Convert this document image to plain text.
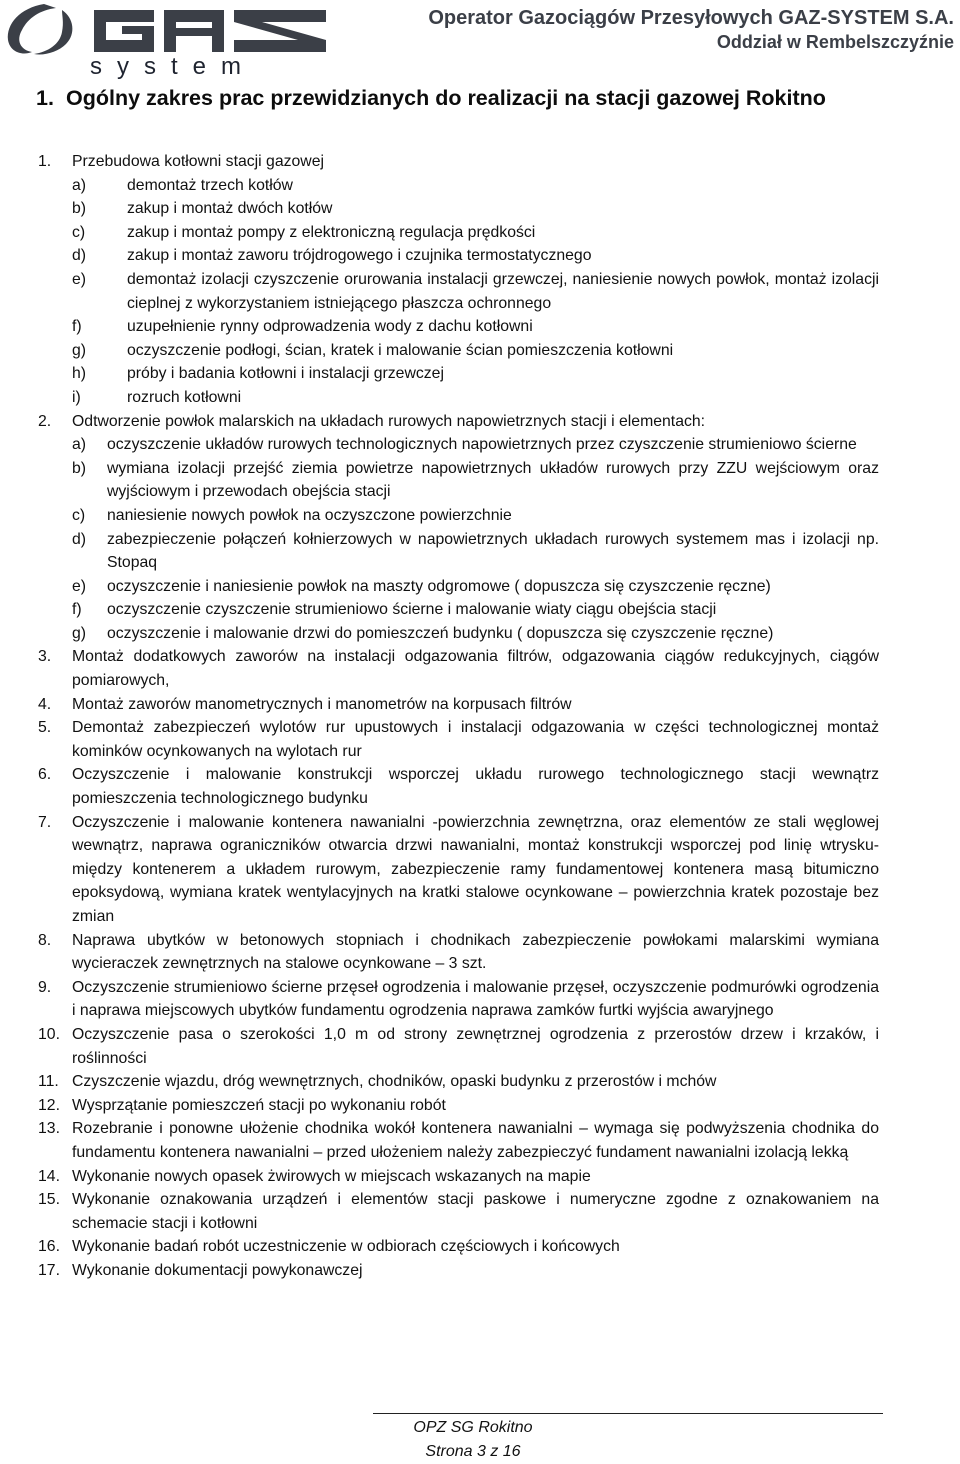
system
Operator Gazociągów Przesyłowych GAZ-SYSTEM S.A.
Oddział w Rembelszczyźnie
1. Ogólny zakres prac przewidzianych do realizacji na stacji gazowej Rokitno
1. Przebudowa kotłowni stacji gazowej
a)	demontaż trzech kotłów
b)	zakup i montaż dwóch kotłów
c)	zakup i montaż pompy z elektroniczną regulacja prędkości
d)	zakup i montaż zaworu trójdrogowego i czujnika termostatycznego
e)	demontaż izolacji czyszczenie orurowania instalacji grzewczej, naniesienie nowych powłok, montaż izolacji cieplnej z wykorzystaniem istniejącego płaszcza ochronnego
f)	uzupełnienie rynny odprowadzenia wody z dachu kotłowni
g)	oczyszczenie podłogi, ścian, kratek i malowanie ścian pomieszczenia kotłowni
h)	próby i badania kotłowni i instalacji grzewczej
i)	rozruch kotłowni
2. Odtworzenie powłok malarskich na układach rurowych napowietrznych stacji i elementach:
a) oczyszczenie układów rurowych technologicznych napowietrznych przez czyszczenie strumieniowo ścierne
b) wymiana izolacji przejść ziemia powietrze napowietrznych układów rurowych przy ZZU wejściowym oraz wyjściowym i przewodach obejścia stacji
c) naniesienie nowych powłok na oczyszczone powierzchnie
d) zabezpieczenie połączeń kołnierzowych w napowietrznych układach rurowych systemem mas i izolacji np. Stopaq
e) oczyszczenie i naniesienie powłok na maszty odgromowe ( dopuszcza się czyszczenie ręczne)
f) oczyszczenie czyszczenie strumieniowo ścierne i malowanie wiaty ciągu obejścia stacji
g) oczyszczenie i malowanie drzwi do pomieszczeń budynku ( dopuszcza się czyszczenie ręczne)
3. Montaż dodatkowych zaworów na instalacji odgazowania filtrów, odgazowania ciągów redukcyjnych, ciągów pomiarowych,
4. Montaż zaworów manometrycznych i manometrów na korpusach filtrów
5. Demontaż zabezpieczeń wylotów rur upustowych i instalacji odgazowania w części technologicznej montaż kominków ocynkowanych na wylotach rur
6. Oczyszczenie i malowanie konstrukcji wsporczej układu rurowego technologicznego stacji wewnątrz pomieszczenia technologicznego budynku
7. Oczyszczenie i malowanie kontenera nawanialni -powierzchnia zewnętrzna, oraz elementów ze stali węglowej wewnątrz, naprawa ograniczników otwarcia drzwi nawanialni, montaż konstrukcji wsporczej pod linię wtrysku- między kontenerem a układem rurowym, zabezpieczenie ramy fundamentowej kontenera masą bitumiczno epoksydową, wymiana kratek wentylacyjnych na kratki stalowe ocynkowane – powierzchnia kratek pozostaje bez zmian
8. Naprawa ubytków w betonowych stopniach i chodnikach zabezpieczenie powłokami malarskimi wymiana wycieraczek zewnętrznych na stalowe ocynkowane – 3 szt.
9. Oczyszczenie strumieniowo ścierne przęseł ogrodzenia i malowanie przęseł, oczyszczenie podmurówki ogrodzenia i naprawa miejscowych ubytków fundamentu ogrodzenia naprawa zamków furtki wyjścia awaryjnego
10. Oczyszczenie pasa o szerokości 1,0 m od strony zewnętrznej ogrodzenia z przerostów drzew i krzaków, i roślinności
11. Czyszczenie wjazdu, dróg wewnętrznych, chodników, opaski budynku z przerostów i mchów
12. Wysprzątanie pomieszczeń stacji po wykonaniu robót
13. Rozebranie i ponowne ułożenie chodnika wokół kontenera nawanialni – wymaga się podwyższenia chodnika do fundamentu kontenera nawanialni – przed ułożeniem należy zabezpieczyć fundament nawanialni izolacją lekką
14. Wykonanie nowych opasek żwirowych w miejscach wskazanych na mapie
15. Wykonanie oznakowania urządzeń i elementów stacji paskowe i numeryczne zgodne z oznakowaniem na schemacie stacji i kotłowni
16. Wykonanie badań robót uczestniczenie w odbiorach częściowych i końcowych
17. Wykonanie dokumentacji powykonawczej
OPZ SG Rokitno
Strona 3 z 16
